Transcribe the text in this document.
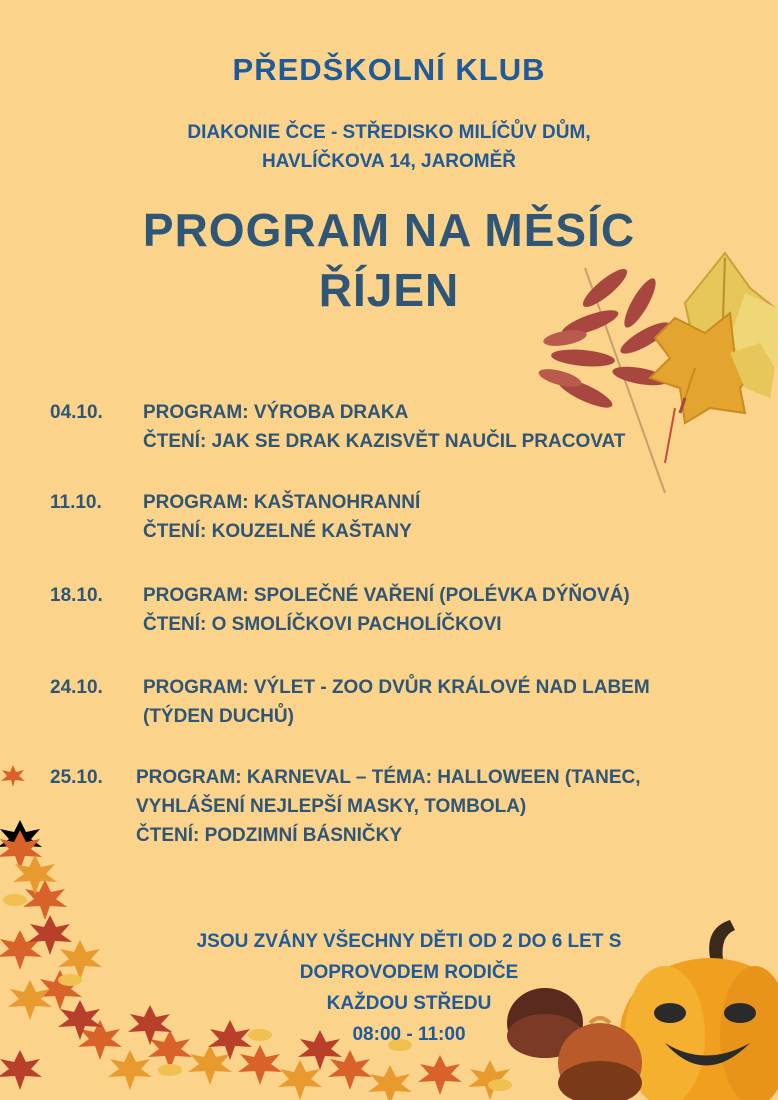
PŘEDŠKOLNÍ KLUB
DIAKONIE ČCE - STŘEDISKO MILÍČŮV DŮM,
HAVLÍČKOVA 14, JAROMĚŘ
PROGRAM NA MĚSÍC
ŘÍJEN
04.10. PROGRAM: VÝROBA DRAKA
ČTENÍ: JAK SE DRAK KAZISVĚT NAUČIL PRACOVAT
11.10. PROGRAM: KAŠTANOHRANNÍ
ČTENÍ: KOUZELNÉ KAŠTANY
18.10. PROGRAM: SPOLEČNÉ VAŘENÍ (POLÉVKA DÝŇOVÁ)
ČTENÍ: O SMOLÍČKOVI PACHOLÍČKOVI
24.10. PROGRAM: VÝLET - ZOO DVŮR KRÁLOVÉ NAD LABEM
(TÝDEN DUCHŮ)
25.10. PROGRAM: KARNEVAL – TÉMA: HALLOWEEN (TANEC,
VYHLÁŠENÍ NEJLEPŠÍ MASKY, TOMBOLA)
ČTENÍ: PODZIMNÍ BÁSNIČKY
JSOU ZVÁNY VŠECHNY DĚTI OD 2 DO 6 LET S
DOPROVODEM RODIČE
KAŽDOU STŘEDU
08:00 - 11:00
